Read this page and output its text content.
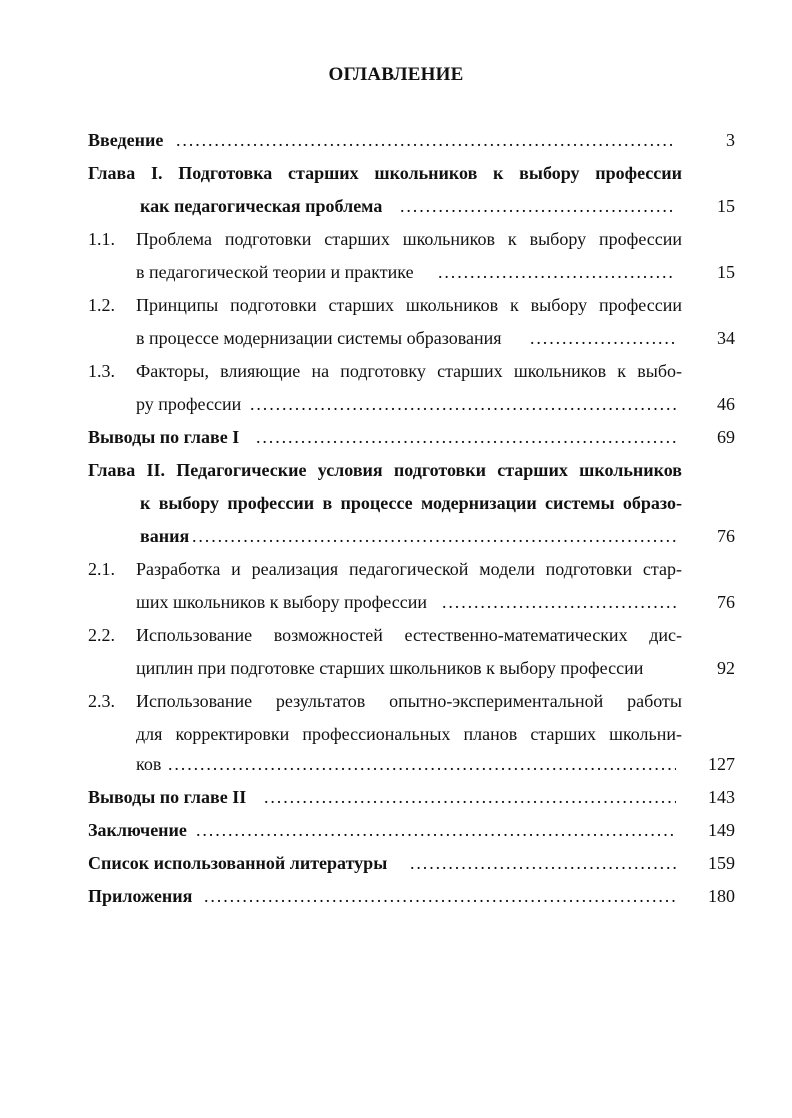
ОГЛАВЛЕНИЕ
Введение . . .	3
Глава I. Подготовка старших школьников к выбору профессии
как педагогическая проблема . . .	15
1.1. Проблема подготовки старших школьников к выбору профессии
в педагогической теории и практике . . .	15
1.2. Принципы подготовки старших школьников к выбору профессии
в процессе модернизации системы образования . . .	34
1.3. Факторы, влияющие на подготовку старших школьников к выбо-
ру профессии . . .	46
Выводы по главе I . . .	69
Глава II. Педагогические условия подготовки старших школьников
к выбору профессии в процессе модернизации системы образо-
вания . . .	76
2.1. Разработка и реализация педагогической модели подготовки стар-
ших школьников к выбору профессии . . .	76
2.2. Использование возможностей естественно-математических дис-
циплин при подготовке старших школьников к выбору профессии	92
2.3. Использование результатов опытно-экспериментальной работы
для корректировки профессиональных планов старших школьни-
ков . . .	127
Выводы по главе II . . .	143
Заключение . . .	149
Список использованной литературы . . .	159
Приложения . . .	180
